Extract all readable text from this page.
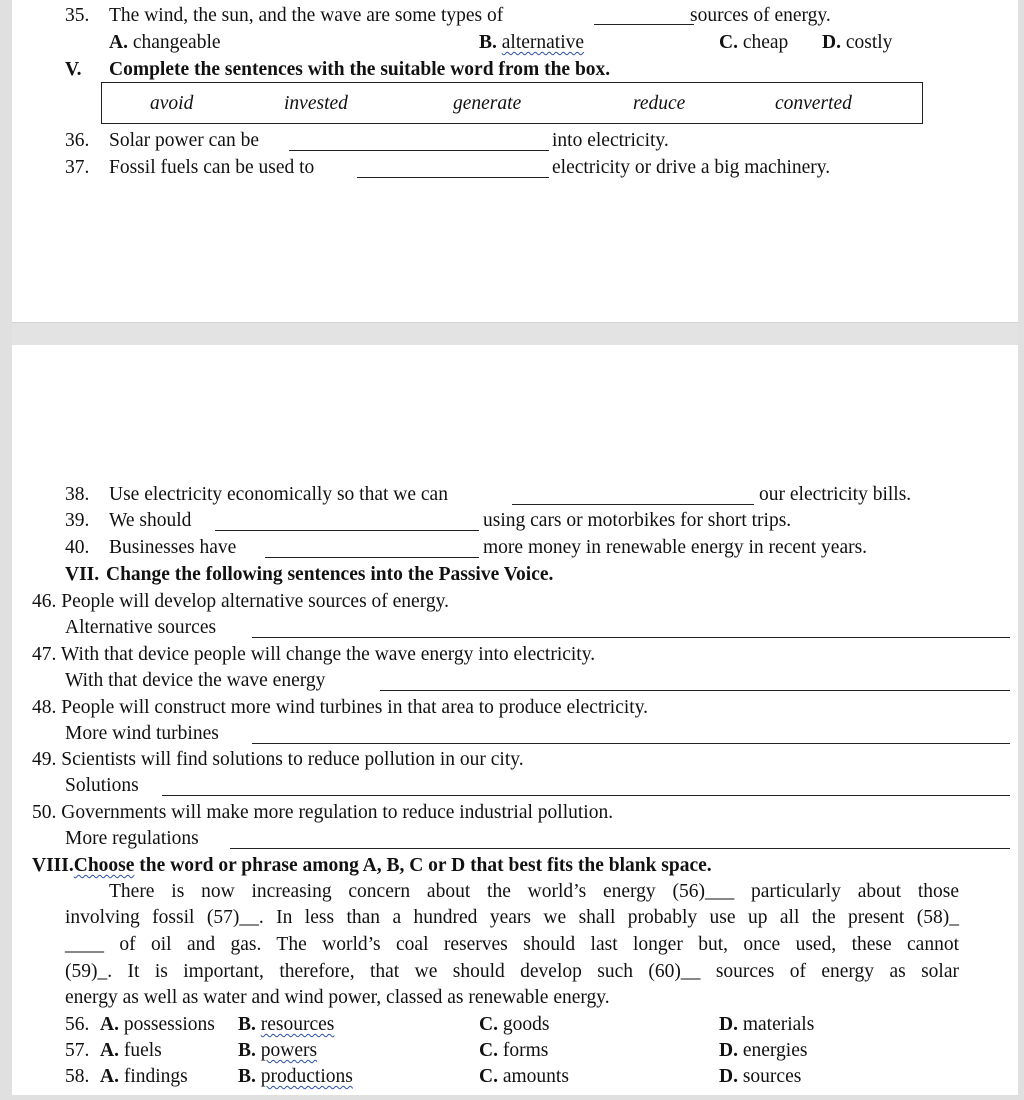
35. The wind, the sun, and the wave are some types of	sources of energy.
A. changeable	B. alternative	C. cheap D. costly
V. Complete the sentences with the suitable word from the box.
avoid	invested	generate	reduce	converted
36. Solar power can be	into electricity.
37. Fossil fuels can be used to	electricity or drive a big machinery.
38. Use electricity economically so that we can	our electricity bills.
39. We should	using cars or motorbikes for short trips.
40. Businesses have	more money in renewable energy in recent years.
VII. Change the following sentences into the Passive Voice.
46. People will develop alternative sources of energy.
Alternative sources
47. With that device people will change the wave energy into electricity.
With that device the wave energy
48. People will construct more wind turbines in that area to produce electricity.
More wind turbines
49. Scientists will find solutions to reduce pollution in our city.
Solutions
50. Governments will make more regulation to reduce industrial pollution.
More regulations
VIII.Choose the word or phrase among A, B, C or D that best fits the blank space.
There is now increasing concern about the world’s energy (56)___ particularly about those
involving fossil (57)__. In less than a hundred years we shall probably use up all the present (58)_
____ of oil and gas. The world’s coal reserves should last longer but, once used, these cannot
(59)_. It is important, therefore, that we should develop such (60)__ sources of energy as solar
energy as well as water and wind power, classed as renewable energy.
56. A. possessions B. resources	C. goods	D. materials
57. A. fuels	B. powers	C. forms	D. energies
58. A. findings	B. productions	C. amounts	D. sources
